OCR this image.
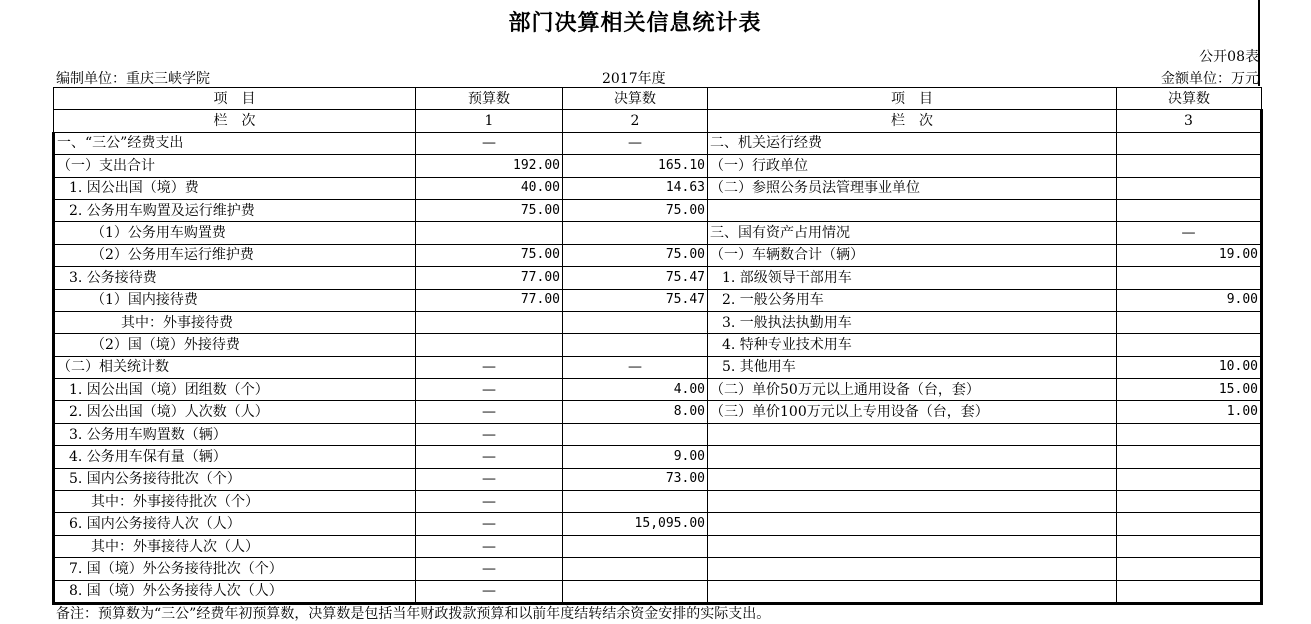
部门决算相关信息统计表
公开08表
编制单位：重庆三峡学院	2017年度	金额单位：万元
项　目	预算数	决算数	项　目	决算数
栏　次	1	2	栏　次	3
一、“三公”经费支出	—	—	二、机关运行经费	
（一）支出合计	192.00	165.10	（一）行政单位	
1. 因公出国（境）费	40.00	14.63	（二）参照公务员法管理事业单位	
2. 公务用车购置及运行维护费	75.00	75.00		
（1）公务用车购置费			三、国有资产占用情况	—
（2）公务用车运行维护费	75.00	75.00	（一）车辆数合计（辆）	19.00
3. 公务接待费	77.00	75.47	1. 部级领导干部用车	
（1）国内接待费	77.00	75.47	2. 一般公务用车	9.00
其中：外事接待费			3. 一般执法执勤用车	
（2）国（境）外接待费			4. 特种专业技术用车	
（二）相关统计数	—	—	5. 其他用车	10.00
1. 因公出国（境）团组数（个）	—	4.00	（二）单价50万元以上通用设备（台，套）	15.00
2. 因公出国（境）人次数（人）	—	8.00	（三）单价100万元以上专用设备（台，套）	1.00
3. 公务用车购置数（辆）	—			
4. 公务用车保有量（辆）	—	9.00		
5. 国内公务接待批次（个）	—	73.00		
其中：外事接待批次（个）	—			
6. 国内公务接待人次（人）	—	15,095.00		
其中：外事接待人次（人）	—			
7. 国（境）外公务接待批次（个）	—			
8. 国（境）外公务接待人次（人）	—			
备注：预算数为“三公”经费年初预算数，决算数是包括当年财政拨款预算和以前年度结转结余资金安排的实际支出。
